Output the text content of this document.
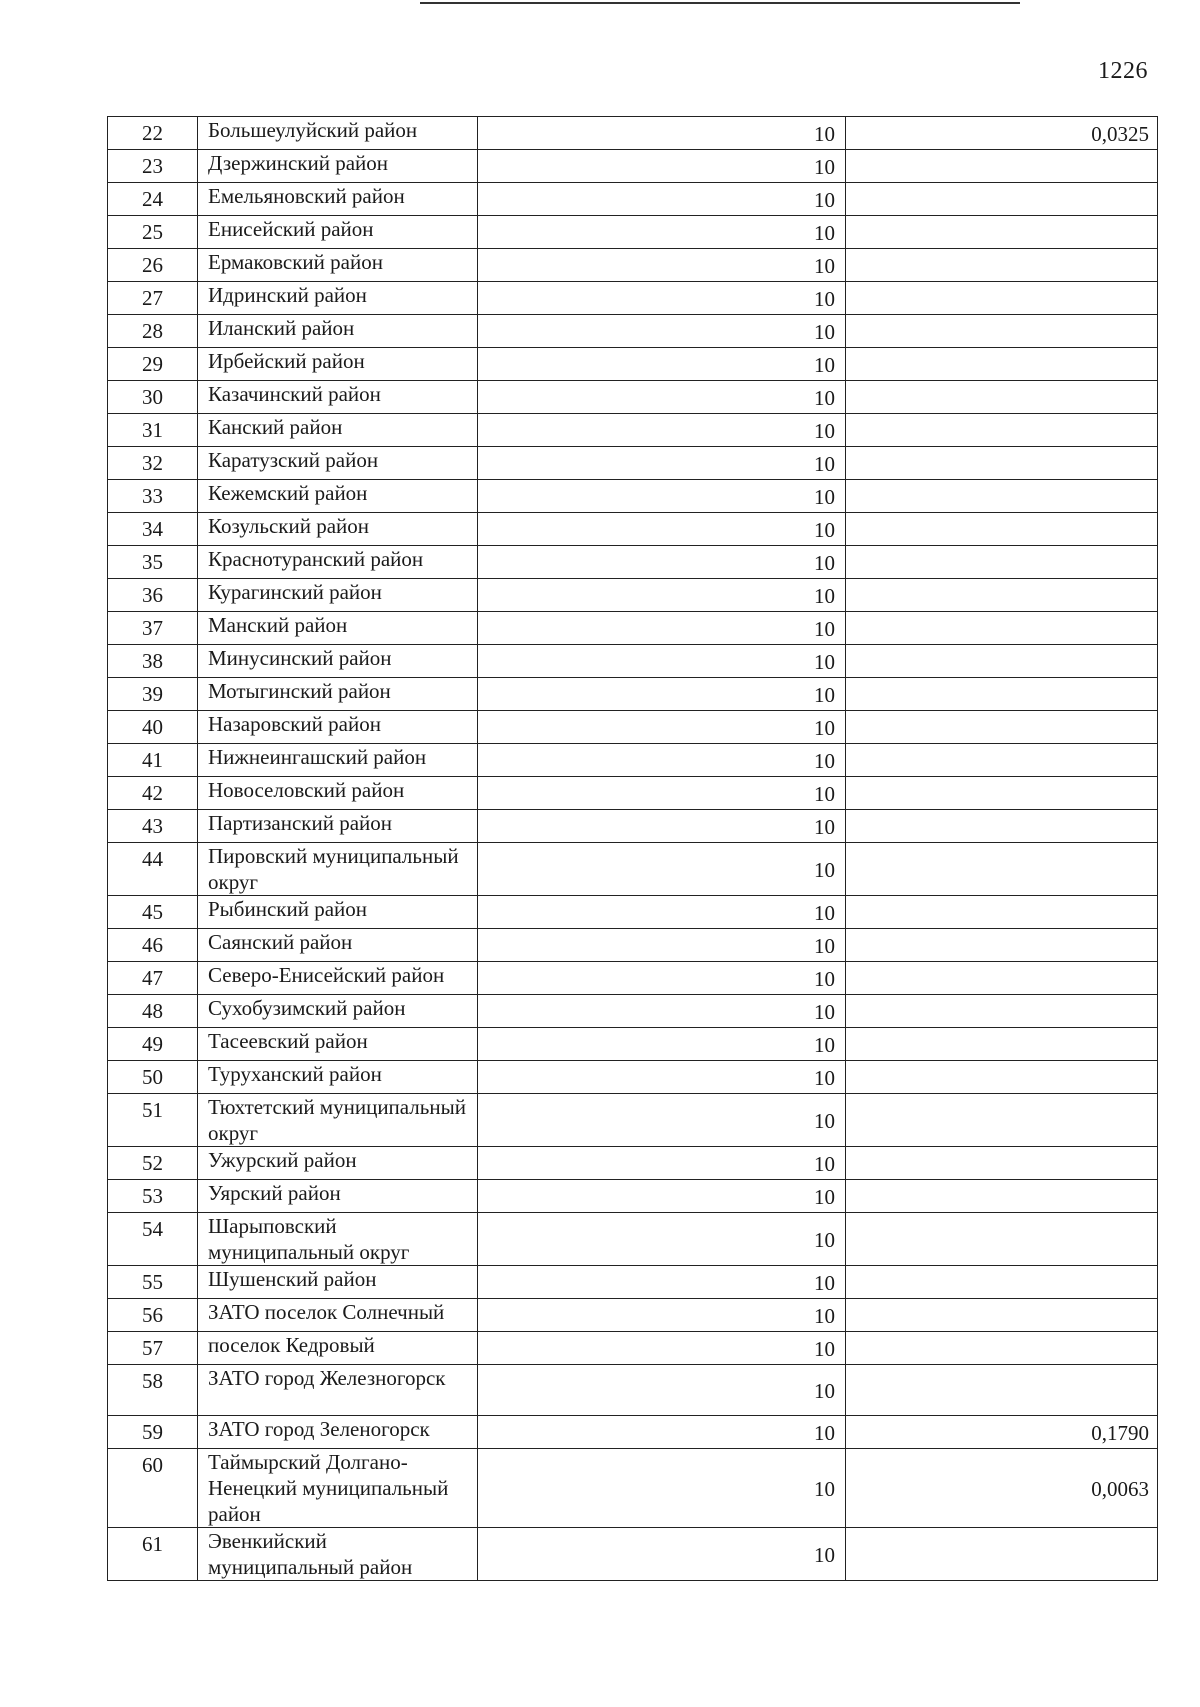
1226
22	Большеулуйский район	10	0,0325
23	Дзержинский район	10	
24	Емельяновский район	10	
25	Енисейский район	10	
26	Ермаковский район	10	
27	Идринский район	10	
28	Иланский район	10	
29	Ирбейский район	10	
30	Казачинский район	10	
31	Канский район	10	
32	Каратузский район	10	
33	Кежемский район	10	
34	Козульский район	10	
35	Краснотуранский район	10	
36	Курагинский район	10	
37	Манский район	10	
38	Минусинский район	10	
39	Мотыгинский район	10	
40	Назаровский район	10	
41	Нижнеингашский район	10	
42	Новоселовский район	10	
43	Партизанский район	10	
44	Пировский муниципальный округ	10	
45	Рыбинский район	10	
46	Саянский район	10	
47	Северо-Енисейский район	10	
48	Сухобузимский район	10	
49	Тасеевский район	10	
50	Туруханский район	10	
51	Тюхтетский муниципальный округ	10	
52	Ужурский район	10	
53	Уярский район	10	
54	Шарыповский муниципальный округ	10	
55	Шушенский район	10	
56	ЗАТО поселок Солнечный	10	
57	поселок Кедровый	10	
58	ЗАТО город Железногорск	10	
59	ЗАТО город Зеленогорск	10	0,1790
60	Таймырский Долгано-Ненецкий муниципальный район	10	0,0063
61	Эвенкийский муниципальный район	10	
